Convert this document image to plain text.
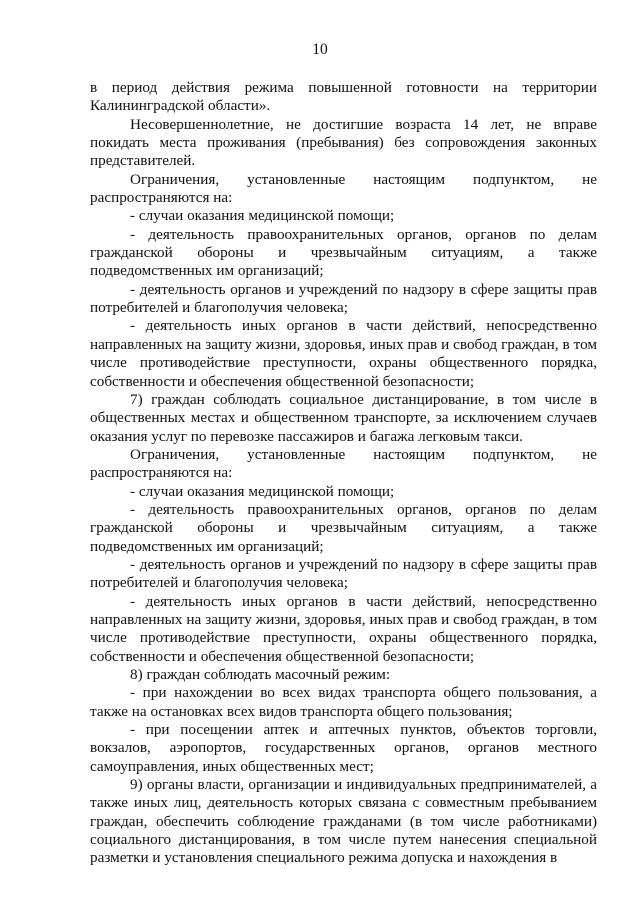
10

в период действия режима повышенной готовности на территории Калининградской области».

Несовершеннолетние, не достигшие возраста 14 лет, не вправе покидать места проживания (пребывания) без сопровождения законных представителей.

Ограничения, установленные настоящим подпунктом, не распространяются на:

- случаи оказания медицинской помощи;

- деятельность правоохранительных органов, органов по делам гражданской обороны и чрезвычайным ситуациям, а также подведомственных им организаций;

- деятельность органов и учреждений по надзору в сфере защиты прав потребителей и благополучия человека;

- деятельность иных органов в части действий, непосредственно направленных на защиту жизни, здоровья, иных прав и свобод граждан, в том числе противодействие преступности, охраны общественного порядка, собственности и обеспечения общественной безопасности;

7) граждан соблюдать социальное дистанцирование, в том числе в общественных местах и общественном транспорте, за исключением случаев оказания услуг по перевозке пассажиров и багажа легковым такси.

Ограничения, установленные настоящим подпунктом, не распространяются на:

- случаи оказания медицинской помощи;

- деятельность правоохранительных органов, органов по делам гражданской обороны и чрезвычайным ситуациям, а также подведомственных им организаций;

- деятельность органов и учреждений по надзору в сфере защиты прав потребителей и благополучия человека;

- деятельность иных органов в части действий, непосредственно направленных на защиту жизни, здоровья, иных прав и свобод граждан, в том числе противодействие преступности, охраны общественного порядка, собственности и обеспечения общественной безопасности;

8) граждан соблюдать масочный режим:

- при нахождении во всех видах транспорта общего пользования, а также на остановках всех видов транспорта общего пользования;

- при посещении аптек и аптечных пунктов, объектов торговли, вокзалов, аэропортов, государственных органов, органов местного самоуправления, иных общественных мест;

9) органы власти, организации и индивидуальных предпринимателей, а также иных лиц, деятельность которых связана с совместным пребыванием граждан, обеспечить соблюдение гражданами (в том числе работниками) социального дистанцирования, в том числе путем нанесения специальной разметки и установления специального режима допуска и нахождения в
